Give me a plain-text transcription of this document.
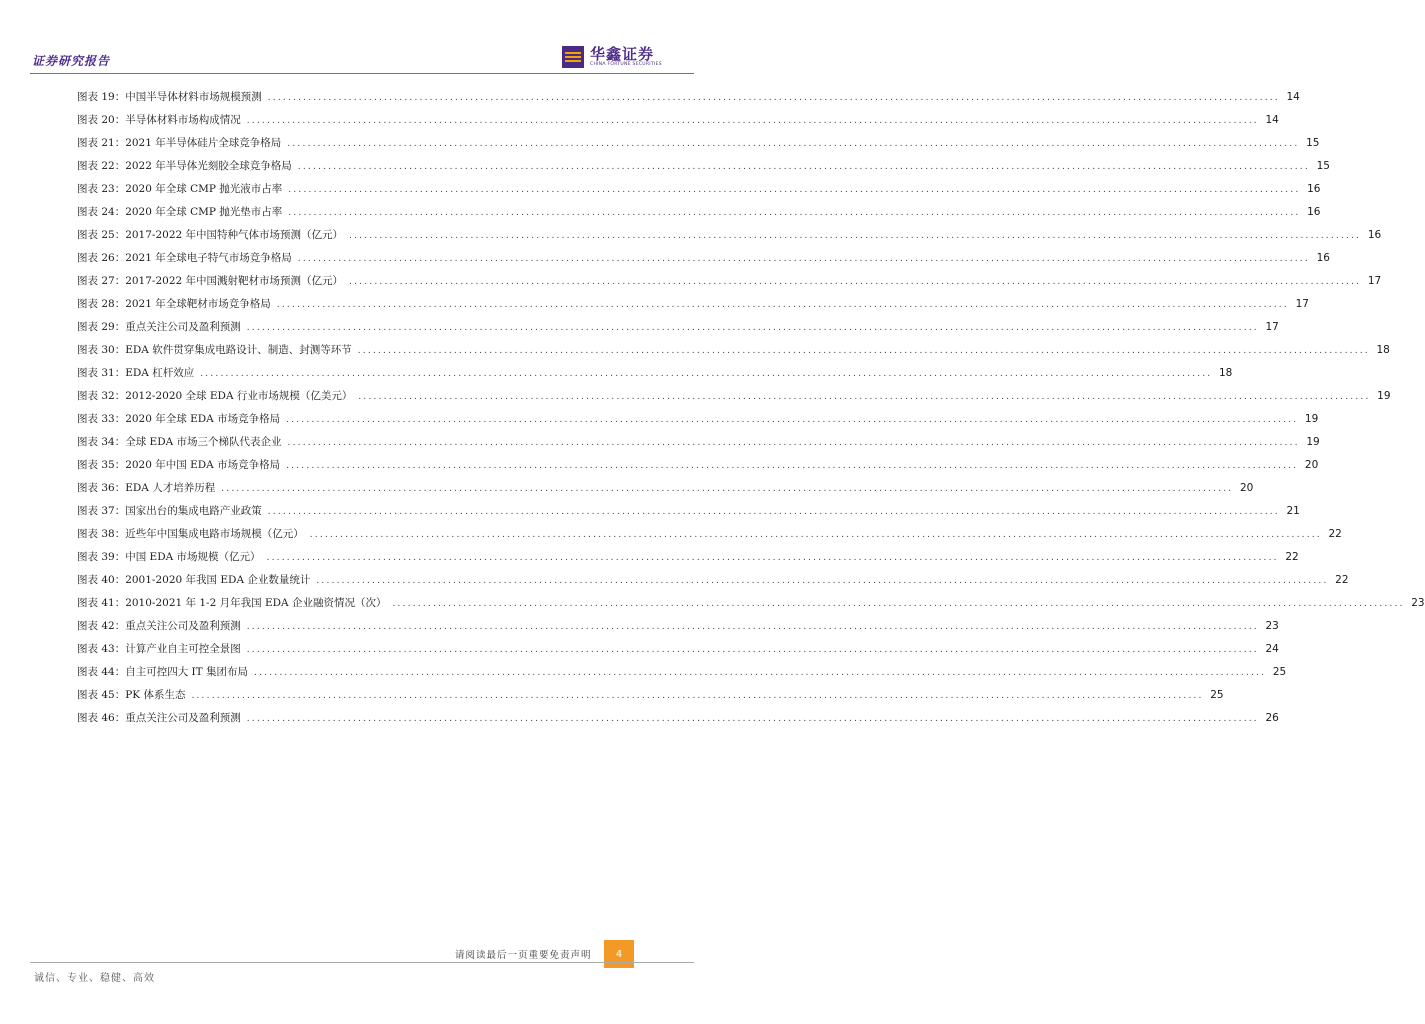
证券研究报告	华鑫证券
CHINA FORTUNE SECURITIES
图表 19：中国半导体材料市场规模预测 ........................................................................................................................................................................................................ 14
图表 20：半导体材料市场构成情况 ........................................................................................................................................................................................................ 14
图表 21：2021 年半导体硅片全球竞争格局 ........................................................................................................................................................................................................ 15
图表 22：2022 年半导体光刻胶全球竞争格局 ........................................................................................................................................................................................................ 15
图表 23：2020 年全球 CMP 抛光液市占率 ........................................................................................................................................................................................................ 16
图表 24：2020 年全球 CMP 抛光垫市占率 ........................................................................................................................................................................................................ 16
图表 25：2017-2022 年中国特种气体市场预测（亿元） ........................................................................................................................................................................................................ 16
图表 26：2021 年全球电子特气市场竞争格局 ........................................................................................................................................................................................................ 16
图表 27：2017-2022 年中国溅射靶材市场预测（亿元） ........................................................................................................................................................................................................ 17
图表 28：2021 年全球靶材市场竞争格局 ........................................................................................................................................................................................................ 17
图表 29：重点关注公司及盈利预测 ........................................................................................................................................................................................................ 17
图表 30：EDA 软件贯穿集成电路设计、制造、封测等环节 ........................................................................................................................................................................................................ 18
图表 31：EDA 杠杆效应 ........................................................................................................................................................................................................ 18
图表 32：2012-2020 全球 EDA 行业市场规模（亿美元） ........................................................................................................................................................................................................ 19
图表 33：2020 年全球 EDA 市场竞争格局 ........................................................................................................................................................................................................ 19
图表 34：全球 EDA 市场三个梯队代表企业 ........................................................................................................................................................................................................ 19
图表 35：2020 年中国 EDA 市场竞争格局 ........................................................................................................................................................................................................ 20
图表 36：EDA 人才培养历程 ........................................................................................................................................................................................................ 20
图表 37：国家出台的集成电路产业政策 ........................................................................................................................................................................................................ 21
图表 38：近些年中国集成电路市场规模（亿元） ........................................................................................................................................................................................................ 22
图表 39：中国 EDA 市场规模（亿元） ........................................................................................................................................................................................................ 22
图表 40：2001-2020 年我国 EDA 企业数量统计 ........................................................................................................................................................................................................ 22
图表 41：2010-2021 年 1-2 月年我国 EDA 企业融资情况（次） ........................................................................................................................................................................................................ 23
图表 42：重点关注公司及盈利预测 ........................................................................................................................................................................................................ 23
图表 43：计算产业自主可控全景图 ........................................................................................................................................................................................................ 24
图表 44：自主可控四大 IT 集团布局 ........................................................................................................................................................................................................ 25
图表 45：PK 体系生态 ........................................................................................................................................................................................................ 25
图表 46：重点关注公司及盈利预测 ........................................................................................................................................................................................................ 26
请阅读最后一页重要免责声明	4
诚信、专业、稳健、高效
